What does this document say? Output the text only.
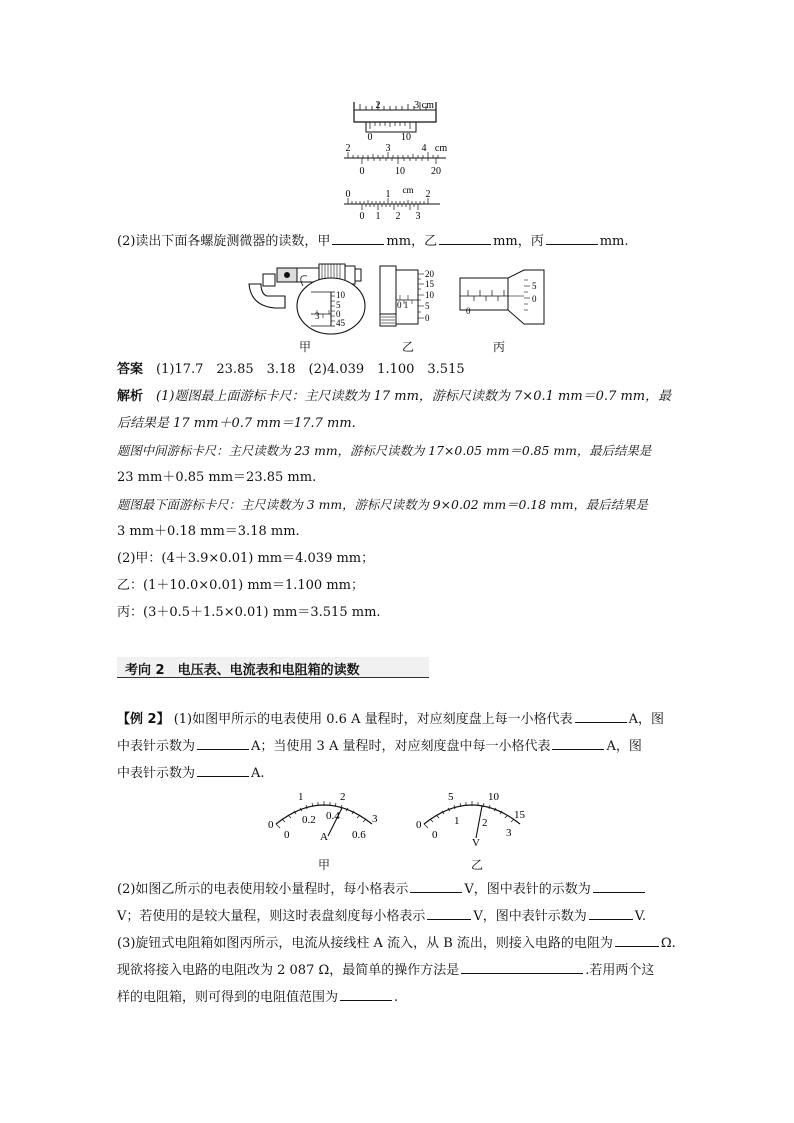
2	3 cm
0	10
2	3	4 cm
0	10	20
0	1 cm 2
0 1 2 3
(2)读出下面各螺旋测微器的读数，甲	mm，乙	mm，丙	mm.
3
10
5
0
45
甲
0 1
20
15
10
5
0
乙
0
5
0
丙
答案　 (1)17.7　23.85　3.18　(2)4.039　1.100　3.515
解析　 (1)题图最上面游标卡尺：主尺读数为 17 mm，游标尺读数为 7×0.1 mm＝0.7 mm，最
后结果是 17 mm＋0.7 mm＝17.7 mm.
题图中间游标卡尺：主尺读数为 23 mm，游标尺读数为 17×0.05 mm＝0.85 mm，最后结果是
23 mm＋0.85 mm＝23.85 mm.
题图最下面游标卡尺：主尺读数为 3 mm，游标尺读数为 9×0.02 mm＝0.18 mm，最后结果是
3 mm＋0.18 mm＝3.18 mm.
(2)甲：(4＋3.9×0.01) mm＝4.039 mm；
乙：(1＋10.0×0.01) mm＝1.100 mm；
丙：(3＋0.5＋1.5×0.01) mm＝3.515 mm.
考向 2　电压表、电流表和电阻箱的读数
【例 2】 (1)如图甲所示的电表使用 0.6 A 量程时，对应刻度盘上每一小格代表	A，图
中表针示数为	A；当使用 3 A 量程时，对应刻度盘中每一小格代表	A，图
中表针示数为	A.
0
1	2
3
0
0.2 0.4
0.6
A
甲
0
5	10
15
0
1 2
3
V
乙
(2)如图乙所示的电表使用较小量程时，每小格表示	V，图中表针的示数为
V；若使用的是较大量程，则这时表盘刻度每小格表示	V，图中表针示数为	V.
(3)旋钮式电阻箱如图丙所示，电流从接线柱 A 流入，从 B 流出，则接入电路的电阻为	Ω.
现欲将接入电路的电阻改为 2 087 Ω，最简单的操作方法是	.若用两个这
样的电阻箱，则可得到的电阻值范围为	.
